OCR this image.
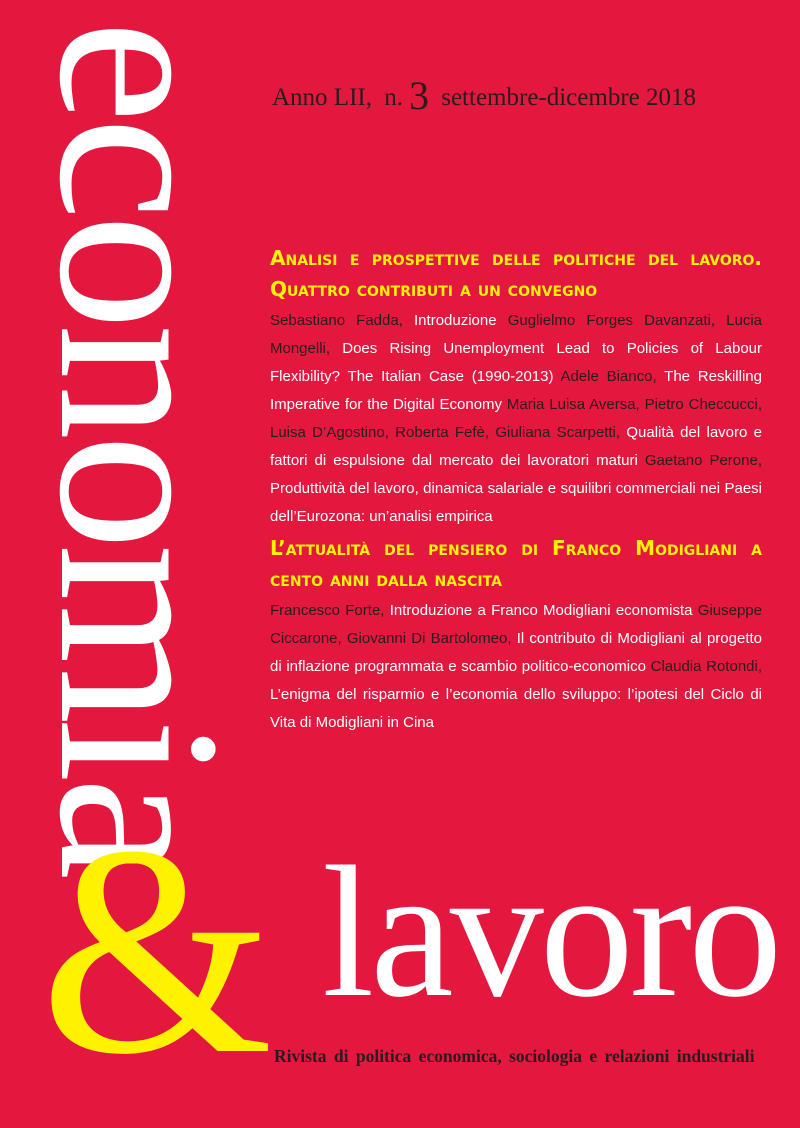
economia Anno LII, n. 3 settembre-dicembre 2018
Analisi e prospettive delle politiche del lavoro. Quattro contributi a un convegno

Sebastiano Fadda, Introduzione Guglielmo Forges Davanzati, Lucia Mongelli, Does Rising Unemployment Lead to Policies of Labour Flexibility? The Italian Case (1990-2013) Adele Bianco, The Reskilling Imperative for the Digital Economy Maria Luisa Aversa, Pietro Checcucci, Luisa D’Agostino, Roberta Fefè, Giuliana Scarpetti, Qualità del lavoro e fattori di espulsione dal mercato dei lavoratori maturi Gaetano Perone, Produttività del lavoro, dinamica salariale e squilibri commerciali nei Paesi dell’Eurozona: un’analisi empirica

L’attualità del pensiero di Franco Modigliani a cento anni dalla nascita

Francesco Forte, Introduzione a Franco Modigliani economista Giuseppe Ciccarone, Giovanni Di Bartolomeo, Il contributo di Modigliani al progetto di inflazione programmata e scambio politico-economico Claudia Rotondi, L’enigma del risparmio e l’economia dello sviluppo: l’ipotesi del Ciclo di Vita di Modigliani in Cina

& lavoro
Rivista di politica economica, sociologia e relazioni industriali
